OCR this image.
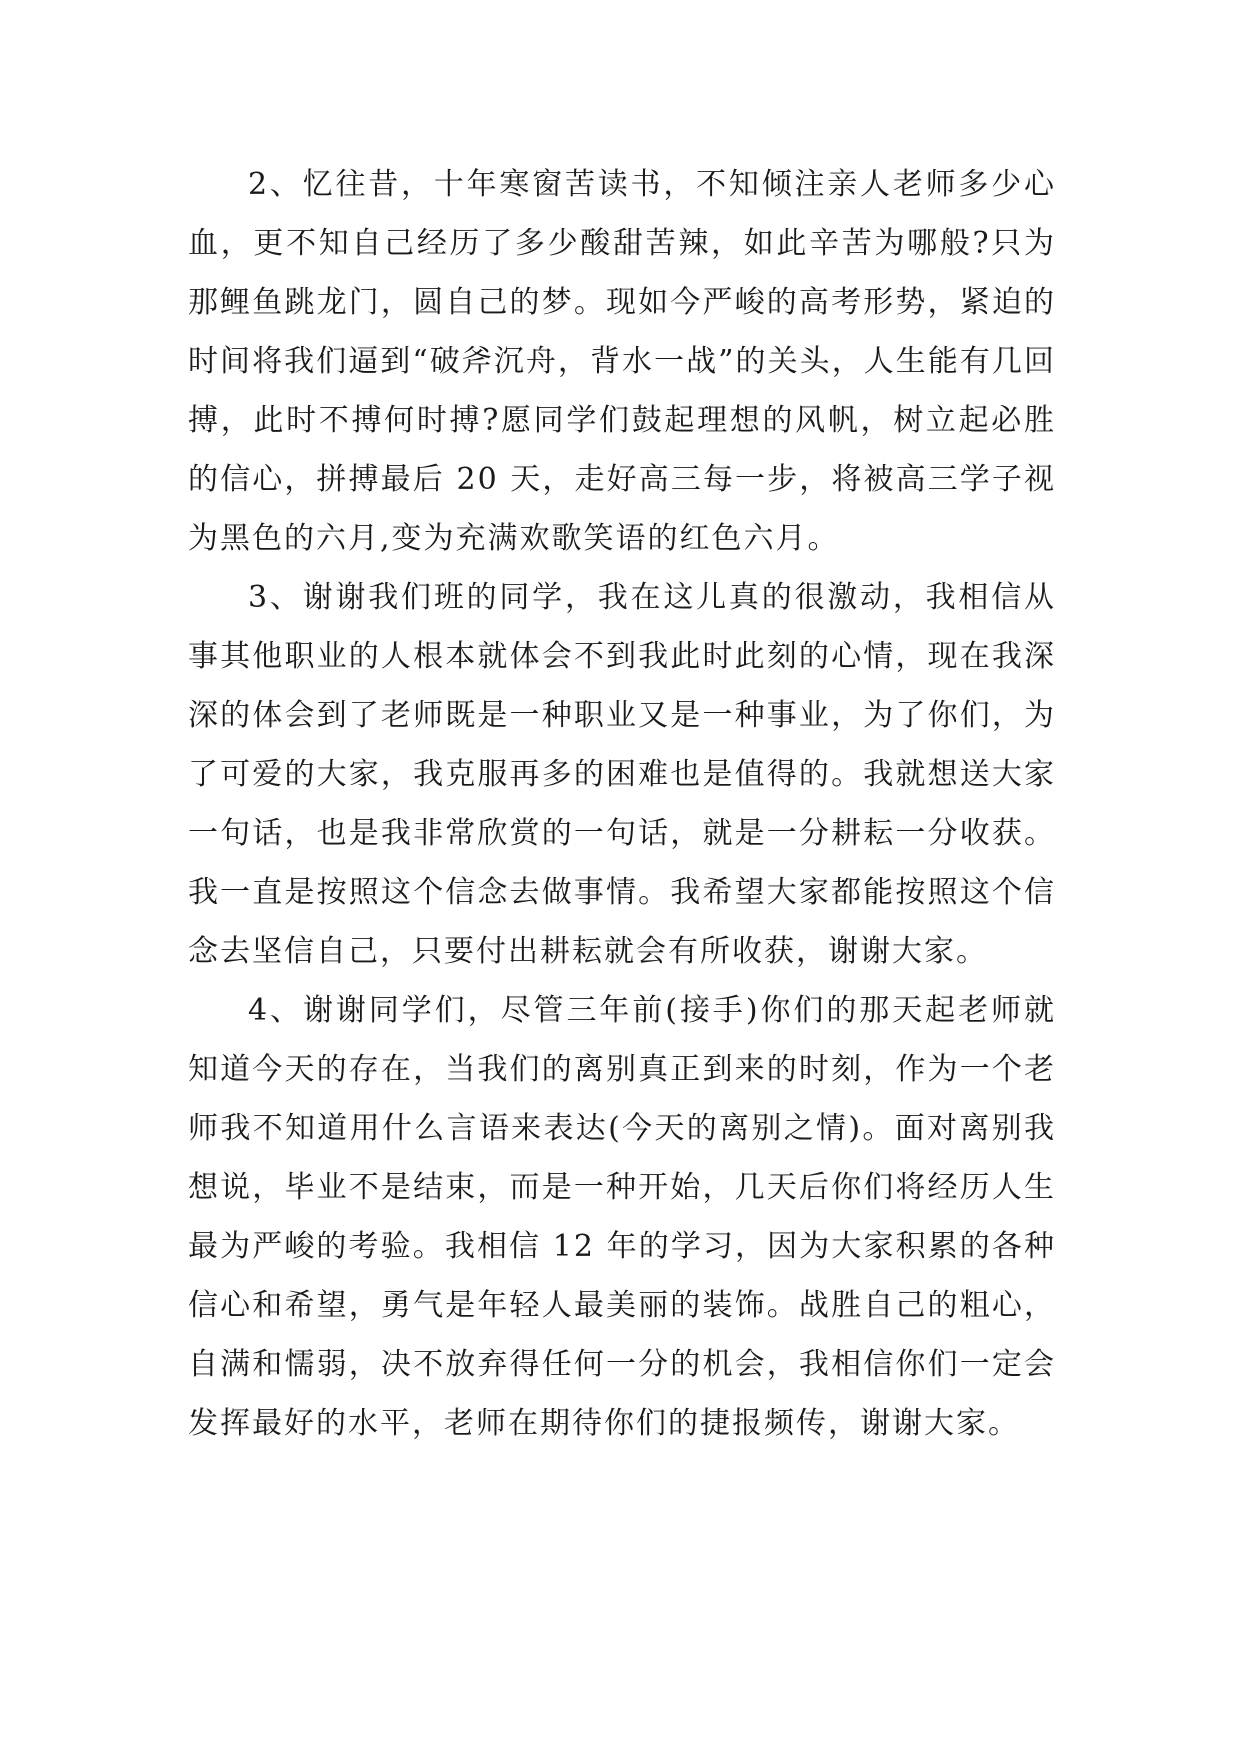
2、忆往昔，十年寒窗苦读书，不知倾注亲人老师多少心血，更不知自己经历了多少酸甜苦辣，如此辛苦为哪般?只为那鲤鱼跳龙门，圆自己的梦。现如今严峻的高考形势，紧迫的时间将我们逼到“破斧沉舟，背水一战”的关头，人生能有几回搏，此时不搏何时搏?愿同学们鼓起理想的风帆，树立起必胜的信心，拼搏最后 20 天，走好高三每一步，将被高三学子视为黑色的六月,变为充满欢歌笑语的红色六月。

3、谢谢我们班的同学，我在这儿真的很激动，我相信从事其他职业的人根本就体会不到我此时此刻的心情，现在我深深的体会到了老师既是一种职业又是一种事业，为了你们，为了可爱的大家，我克服再多的困难也是值得的。我就想送大家一句话，也是我非常欣赏的一句话，就是一分耕耘一分收获。我一直是按照这个信念去做事情。我希望大家都能按照这个信念去坚信自己，只要付出耕耘就会有所收获，谢谢大家。

4、谢谢同学们，尽管三年前(接手)你们的那天起老师就知道今天的存在，当我们的离别真正到来的时刻，作为一个老师我不知道用什么言语来表达(今天的离别之情)。面对离别我想说，毕业不是结束，而是一种开始，几天后你们将经历人生最为严峻的考验。我相信 12 年的学习，因为大家积累的各种信心和希望，勇气是年轻人最美丽的装饰。战胜自己的粗心，自满和懦弱，决不放弃得任何一分的机会，我相信你们一定会发挥最好的水平，老师在期待你们的捷报频传，谢谢大家。
